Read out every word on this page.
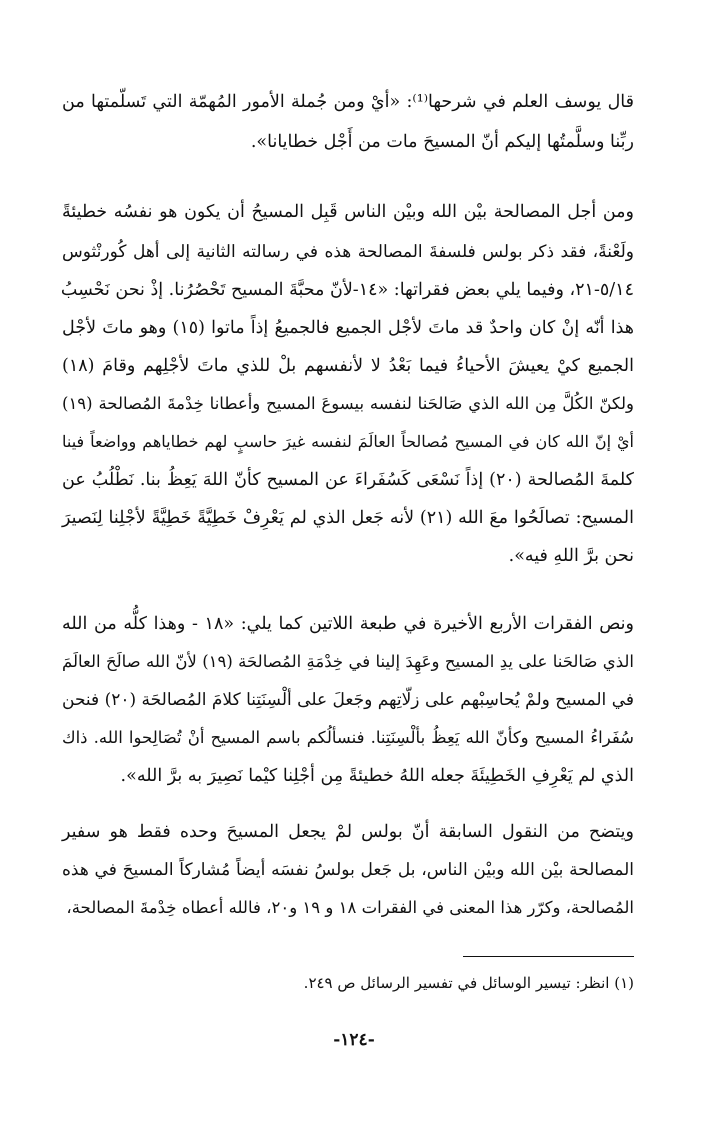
قال يوسف العلم في شرحها⁽¹⁾: «أيْ ومن جُملة الأمور المُهمّة التي تَسلّمتها من
ربِّنا وسلَّمتُها إليكم أنّ المسيحَ مات من أَجْل خطايانا».
ومن أجل المصالحة بيْن الله وبيْن الناس قَبِل المسيحُ أن يكون هو نفسُه خطيئةً
ولَعْنةً، فقد ذكر بولس فلسفةَ المصالحة هذه في رسالته الثانية إلى أهل كُورنْثوس
٥/١٤-٢١، وفيما يلي بعض فقراتها: «١٤-لأنّ محبَّةَ المسيح تَحْصُرُنا. إذْ نحن نَحْسِبُ
هذا أنّه إنْ كان واحدٌ قد ماتَ لأجْل الجميع فالجميعُ إذاً ماتوا (١٥) وهو ماتَ لأجْل
الجميع كيْ يعيشَ الأحياءُ فيما بَعْدُ لا لأنفسهم بلْ للذي ماتَ لأجْلِهم وقامَ (١٨)
ولكنّ الكُلَّ مِن الله الذي صَالحَنا لنفسه بيسوعَ المسيح وأعطانا خِدْمةَ المُصالحة (١٩)
أيْ إنّ الله كان في المسيح مُصالحاً العالَمَ لنفسه غيرَ حاسبٍ لهم خطاياهم وواضعاً فينا
كلمةَ المُصالحة (٢٠) إذاً نَسْعَى كَسُفَراءَ عن المسيح كأنّ اللهَ يَعِظُ بنا. نَطْلُبُ عن
المسيح: تصالَحُوا معَ الله (٢١) لأنه جَعل الذي لم يَعْرِفْ خَطِيَّةً خَطِيَّةً لأجْلِنا لِنَصيرَ
نحن برَّ اللهِ فيه».
ونص الفقرات الأربع الأخيرة في طبعة اللاتين كما يلي: «١٨ - وهذا كلُّه من الله
الذي صَالحَنا على يدِ المسيح وعَهِدَ إلينا في خِدْمَةِ المُصالحَة (١٩) لأنّ الله صالَحَ العالَمَ
في المسيح ولمْ يُحاسِبْهم على زلّاتِهم وجَعلَ على ألْسِنَتِنا كلامَ المُصالحَة (٢٠) فنحن
سُفَراءُ المسيح وكأنّ الله يَعِظُ بألْسِنَتِنا. فنسألُكم باسم المسيح أنْ تُصَالِحوا الله. ذاك
الذي لم يَعْرِفِ الخَطِيئَةَ جعله اللهُ خطيئةً مِن أجْلِنا كيْما نَصِيرَ به برَّ الله».
ويتضح من النقول السابقة أنّ بولس لمْ يجعل المسيحَ وحده فقط هو سفير
المصالحة بيْن الله وبيْن الناس، بل جَعل بولسُ نفسَه أيضاً مُشاركاً المسيحَ في هذه
المُصالحة، وكرّر هذا المعنى في الفقرات ١٨ و ١٩ و٢٠، فالله أعطاه خِدْمةَ المصالحة،
(١) انظر: تيسير الوسائل في تفسير الرسائل ص ٢٤٩.
-١٢٤-
